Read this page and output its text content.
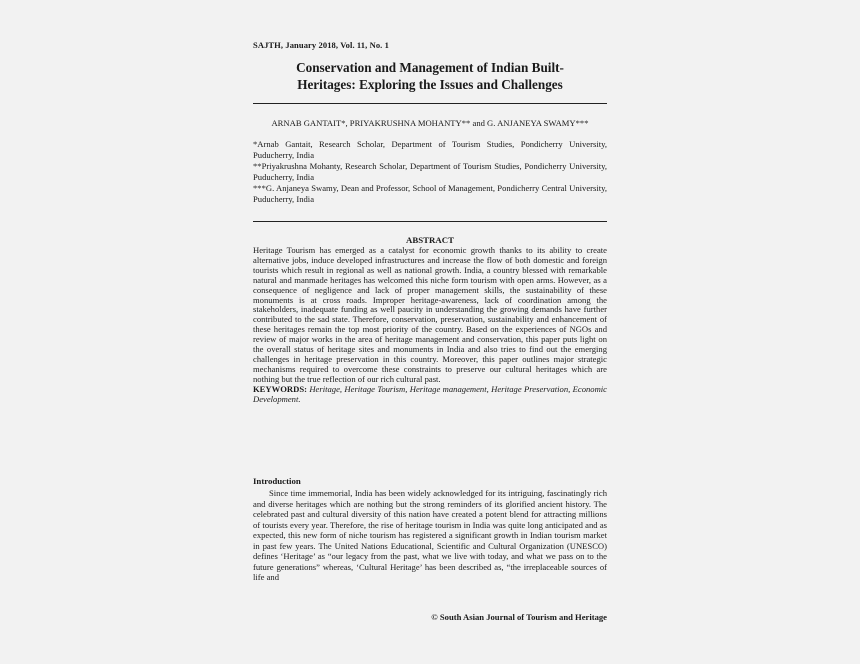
SAJTH, January 2018, Vol. 11, No. 1
Conservation and Management of Indian Built-
Heritages: Exploring the Issues and Challenges
ARNAB GANTAIT*, PRIYAKRUSHNA MOHANTY** and G. ANJANEYA SWAMY***
*Arnab Gantait, Research Scholar, Department of Tourism Studies, Pondicherry University, Puducherry, India
**Priyakrushna Mohanty, Research Scholar, Department of Tourism Studies, Pondicherry University, Puducherry, India
***G. Anjaneya Swamy, Dean and Professor, School of Management, Pondicherry Central University, Puducherry, India
ABSTRACT
Heritage Tourism has emerged as a catalyst for economic growth thanks to its ability to create alternative jobs, induce developed infrastructures and increase the flow of both domestic and foreign tourists which result in regional as well as national growth. India, a country blessed with remarkable natural and manmade heritages has welcomed this niche form tourism with open arms. However, as a consequence of negligence and lack of proper management skills, the sustainability of these monuments is at cross roads. Improper heritage-awareness, lack of coordination among the stakeholders, inadequate funding as well paucity in understanding the growing demands have further contributed to the sad state. Therefore, conservation, preservation, sustainability and enhancement of these heritages remain the top most priority of the country. Based on the experiences of NGOs and review of major works in the area of heritage management and conservation, this paper puts light on the overall status of heritage sites and monuments in India and also tries to find out the emerging challenges in heritage preservation in this country. Moreover, this paper outlines major strategic mechanisms required to overcome these constraints to preserve our cultural heritages which are nothing but the true reflection of our rich cultural past.
KEYWORDS: Heritage, Heritage Tourism, Heritage management, Heritage Preservation, Economic Development.
Introduction
Since time immemorial, India has been widely acknowledged for its intriguing, fascinatingly rich and diverse heritages which are nothing but the strong reminders of its glorified ancient history. The celebrated past and cultural diversity of this nation have created a potent blend for attracting millions of tourists every year. Therefore, the rise of heritage tourism in India was quite long anticipated and as expected, this new form of niche tourism has registered a significant growth in Indian tourism market in past few years. The United Nations Educational, Scientific and Cultural Organization (UNESCO) defines ‘Heritage’ as “our legacy from the past, what we live with today, and what we pass on to the future generations” whereas, ‘Cultural Heritage’ has been described as, “the irreplaceable sources of life and
© South Asian Journal of Tourism and Heritage
